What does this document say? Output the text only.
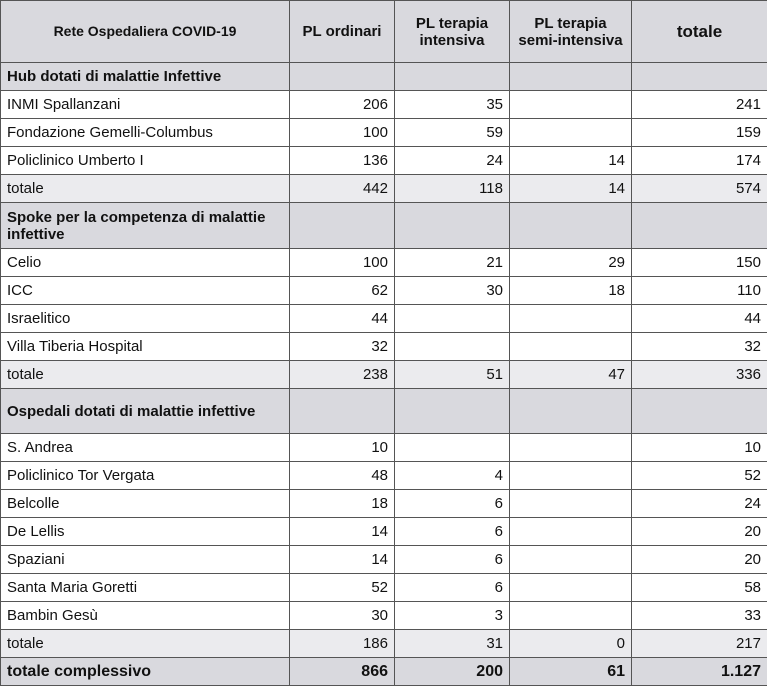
Rete Ospedaliera COVID-19	PL ordinari	PL terapia intensiva	PL terapia semi-intensiva	totale
Hub dotati di malattie Infettive				
INMI Spallanzani	206	35		241
Fondazione Gemelli-Columbus	100	59		159
Policlinico Umberto I	136	24	14	174
totale	442	118	14	574
Spoke per la competenza di malattie infettive				
Celio	100	21	29	150
ICC	62	30	18	110
Israelitico	44			44
Villa Tiberia Hospital	32			32
totale	238	51	47	336
Ospedali dotati di malattie infettive				
S. Andrea	10			10
Policlinico Tor Vergata	48	4		52
Belcolle	18	6		24
De Lellis	14	6		20
Spaziani	14	6		20
Santa Maria Goretti	52	6		58
Bambin Gesù	30	3		33
totale	186	31	0	217
totale complessivo	866	200	61	1.127
